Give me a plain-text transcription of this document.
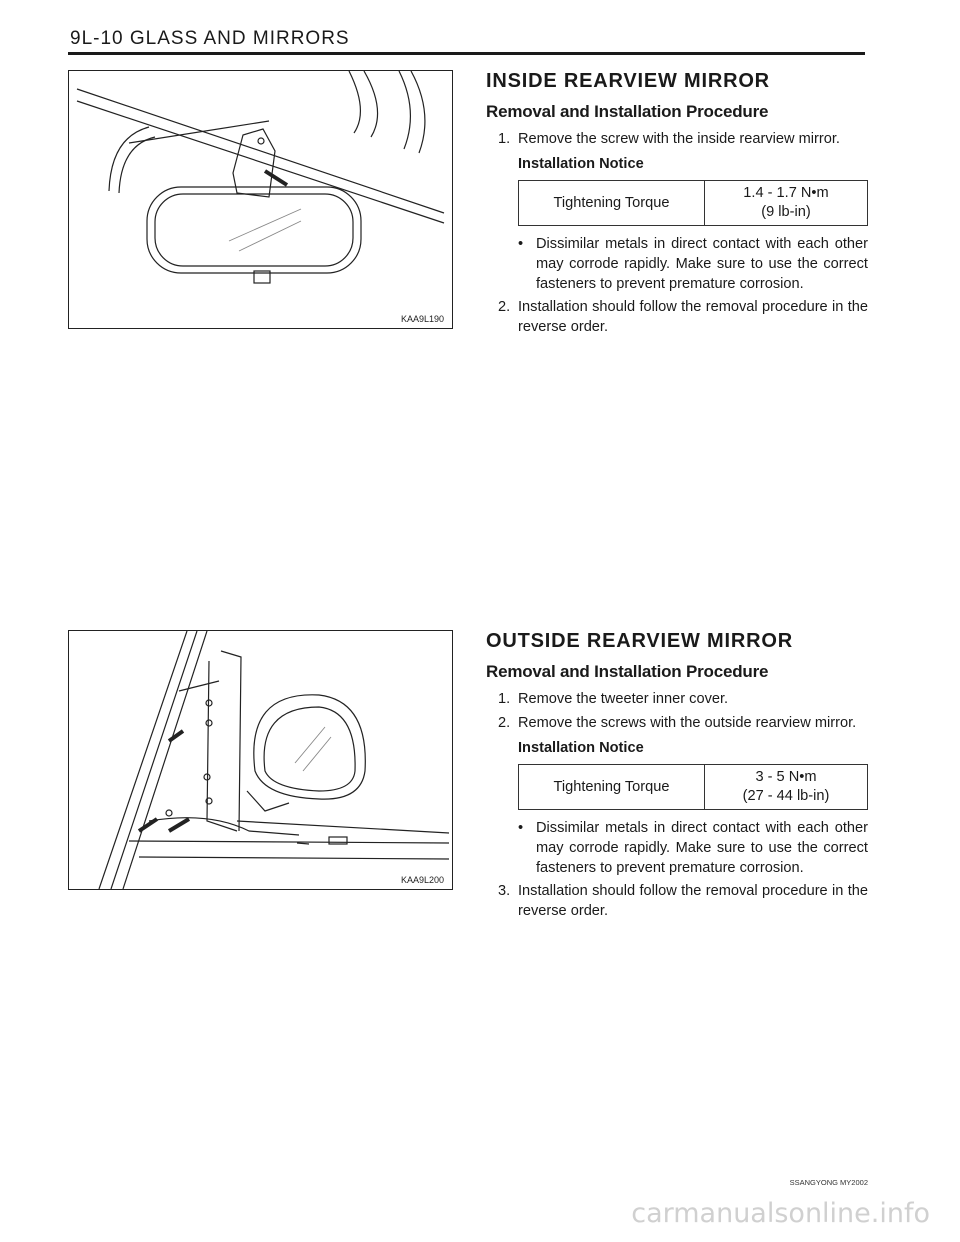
9L-10 GLASS AND MIRRORS
KAA9L190
INSIDE REARVIEW MIRROR
Removal and Installation Procedure

1. Remove the screw with the inside rearview mirror.

Installation Notice

Tightening Torque	1.4 - 1.7 N•m
(9 lb-in)

• Dissimilar metals in direct contact with each other may corrode rapidly. Make sure to use the correct fasteners to prevent premature corrosion.

2. Installation should follow the removal procedure in the reverse order.

KAA9L200
OUTSIDE REARVIEW MIRROR
Removal and Installation Procedure

1. Remove the tweeter inner cover.

2. Remove the screws with the outside rearview mirror.

Installation Notice

Tightening Torque	3 - 5 N•m
(27 - 44 lb-in)

• Dissimilar metals in direct contact with each other may corrode rapidly. Make sure to use the correct fasteners to prevent premature corrosion.

3. Installation should follow the removal procedure in the reverse order.

SSANGYONG MY2002
carmanualsonline.info
